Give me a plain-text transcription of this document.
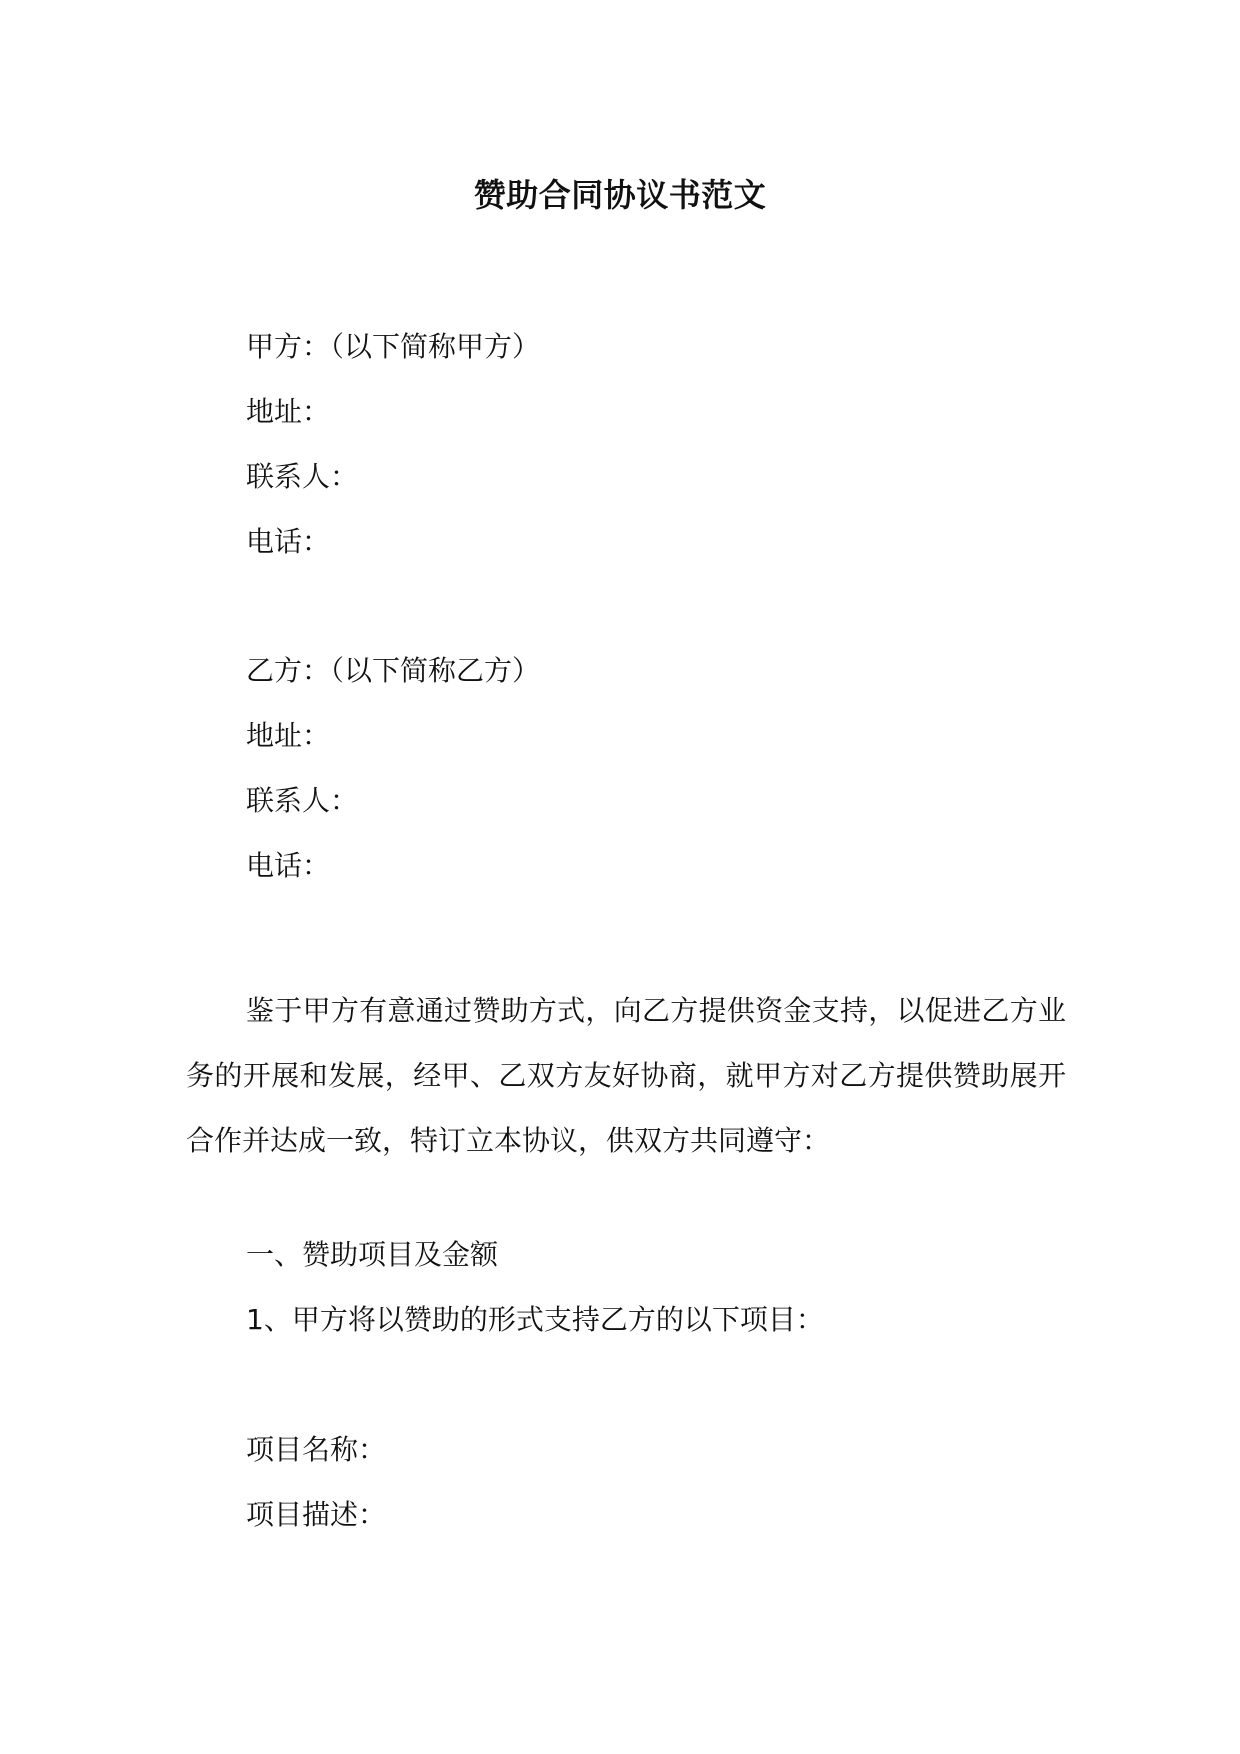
赞助合同协议书范文
甲方：（以下简称甲方）
地址：
联系人：
电话：
乙方：（以下简称乙方）
地址：
联系人：
电话：
鉴于甲方有意通过赞助方式，向乙方提供资金支持，以促进乙方业务的开展和发展，经甲、乙双方友好协商，就甲方对乙方提供赞助展开合作并达成一致，特订立本协议，供双方共同遵守：
一、赞助项目及金额
1、甲方将以赞助的形式支持乙方的以下项目：
项目名称：
项目描述：
